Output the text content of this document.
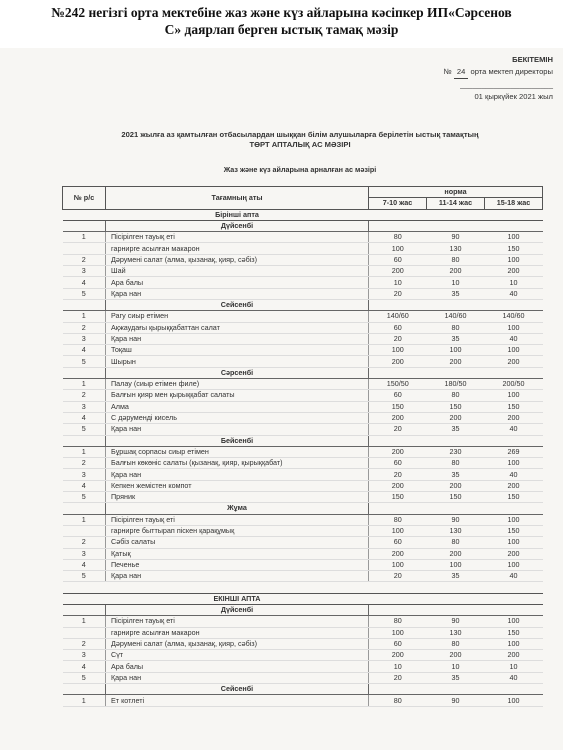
№242 негізгі орта мектебіне жаз және күз айларына кәсіпкер ИП«Сәрсенов
С» даярлап берген ыстық тамақ мәзір
БЕКІТЕМІН
№ 24 орта мектеп директоры
______________________
01 қыркүйек 2021 жыл
2021 жылға аз қамтылған отбасылардан шыққан білім алушыларға берілетін ыстық тамақтың
ТӨРТ АПТАЛЫҚ АС МӘЗІРІ
Жаз және күз айларына арналған ас мәзірі
№ р/с	Тағамның аты	норма		
		7-10 жас	11-14 жас	15-18 жас
	Бірінші апта			
	Дүйсенбі			
1	Пісірілген тауық еті	80	90	100
	гарнирге асылған макарон	100	130	150
2	Дәрумені салат (алма, қызанақ, қияр, сәбіз)	60	80	100
3	Шай	200	200	200
4	Ара балы	10	10	10
5	Қара нан	20	35	40
	Сейсенбі			
1	Рагу сиыр етімен	140/60	140/60	140/60
2	Ақжаудағы қырыққабаттан салат	60	80	100
3	Қара нан	20	35	40
4	Тоқаш	100	100	100
5	Шырын	200	200	200
	Сәрсенбі			
1	Палау (сиыр етімен филе)	150/50	180/50	200/50
2	Балғын қияр мен қырыққабат салаты	60	80	100
3	Алма	150	150	150
4	С дәруменді кисель	200	200	200
5	Қара нан	20	35	40
	Бейсенбі			
1	Бұршақ сорпасы сиыр етімен	200	230	269
2	Балғын көкөніс салаты (қызанақ, қияр, қырыққабат)	60	80	100
3	Қара нан	20	35	40
4	Кепкен жемістен компот	200	200	200
5	Пряник	150	150	150
	Жұма			
1	Пісірілген тауық еті	80	90	100
	гарнирге быттырап піскен қарақұмық	100	130	150
2	Сәбіз салаты	60	80	100
3	Қатық	200	200	200
4	Печенье	100	100	100
5	Қара нан	20	35	40

	ЕКІНШІ АПТА			
	Дүйсенбі			
1	Пісірілген тауық еті	80	90	100
	гарнирге асылған макарон	100	130	150
2	Дәрумені салат (алма, қызанақ, қияр, сәбіз)	60	80	100
3	Сүт	200	200	200
4	Ара балы	10	10	10
5	Қара нан	20	35	40
	Сейсенбі			
1	Ет котлеті	80	90	100
